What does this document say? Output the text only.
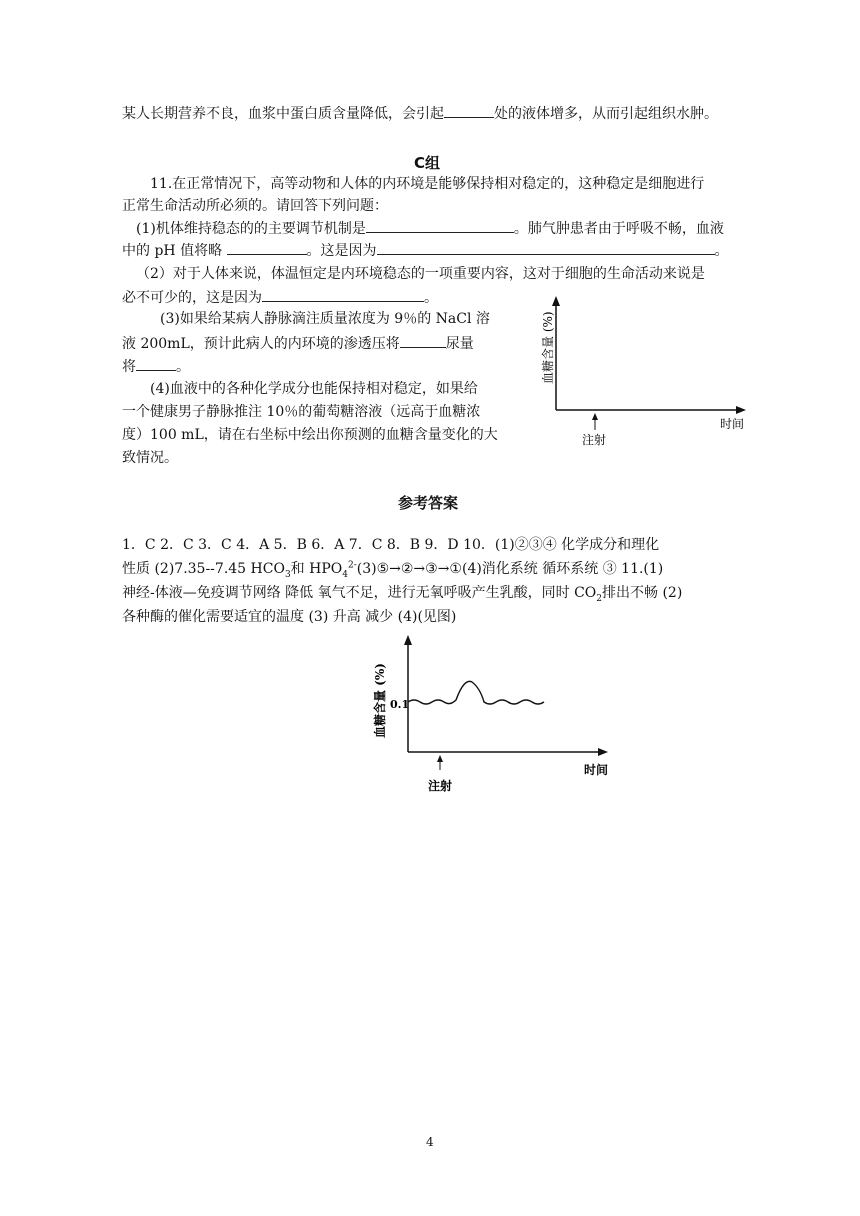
某人长期营养不良，血浆中蛋白质含量降低，会引起	处的液体增多，从而引起组织水肿。
C组
11.在正常情况下，高等动物和人体的内环境是能够保持相对稳定的，这种稳定是细胞进行
正常生命活动所必须的。请回答下列问题：
(1)机体维持稳态的的主要调节机制是	。肺气肿患者由于呼吸不畅，血液
中的 pH 值将略	。这是因为	。
（2）对于人体来说，体温恒定是内环境稳态的一项重要内容，这对于细胞的生命活动来说是
必不可少的，这是因为	。
(3)如果给某病人静脉滴注质量浓度为 9％的 NaCl 溶
液 200mL，预计此病人的内环境的渗透压将	尿量
将	。
(4)血液中的各种化学成分也能保持相对稳定，如果给
一个健康男子静脉推注 10％的葡萄糖溶液（远高于血糖浓
度）100 mL，请在右坐标中绘出你预测的血糖含量变化的大
致情况。
血糖含量 (%)
时间
注射
参考答案
1．C 2．C 3．C 4．A 5．B 6．A 7．C 8．B 9．D 10．(1)②③④ 化学成分和理化
性质 (2)7.35--7.45 $HCO_3$和 $HPO_4^{2-}(3)⑤\to ②\to ③\to ①(4)$消化系统 循环系统 ③ 11.(1)
神经-体液—免疫调节网络 降低 氧气不足，进行无氧呼吸产生乳酸，同时 $CO_2$排出不畅 (2)
各种酶的催化需要适宜的温度 (3) 升高 减少 (4)(见图)
血糖含量 (%) 0.1
时间
注射
4
